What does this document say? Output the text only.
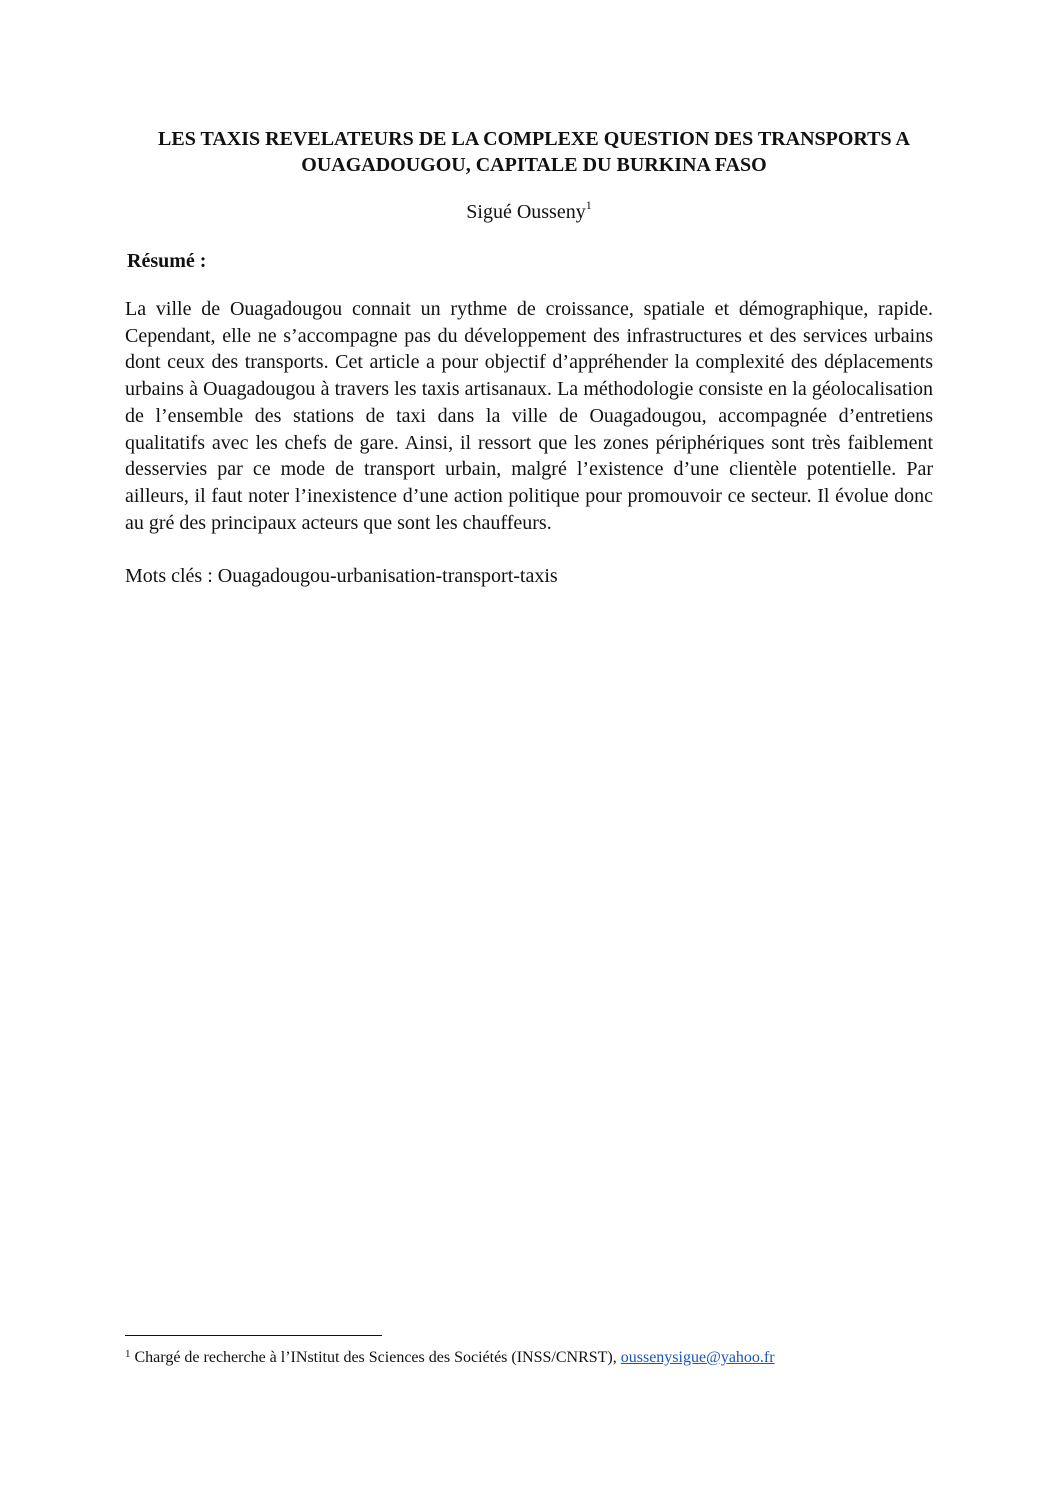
LES TAXIS REVELATEURS DE LA COMPLEXE QUESTION DES TRANSPORTS A
OUAGADOUGOU, CAPITALE DU BURKINA FASO
Sigué Ousseny$^1$
Résumé :

La ville de Ouagadougou connait un rythme de croissance, spatiale et démographique, rapide. Cependant, elle ne s’accompagne pas du développement des infrastructures et des services urbains dont ceux des transports. Cet article a pour objectif d’appréhender la complexité des déplacements urbains à Ouagadougou à travers les taxis artisanaux. La méthodologie consiste en la géolocalisation de l’ensemble des stations de taxi dans la ville de Ouagadougou, accompagnée d’entretiens qualitatifs avec les chefs de gare. Ainsi, il ressort que les zones périphériques sont très faiblement desservies par ce mode de transport urbain, malgré l’existence d’une clientèle potentielle. Par ailleurs, il faut noter l’inexistence d’une action politique pour promouvoir ce secteur. Il évolue donc au gré des principaux acteurs que sont les chauffeurs.

Mots clés : Ouagadougou-urbanisation-transport-taxis
$^1$ Chargé de recherche à l’INstitut des Sciences des Sociétés (INSS/CNRST), oussenysigue@yahoo.fr
